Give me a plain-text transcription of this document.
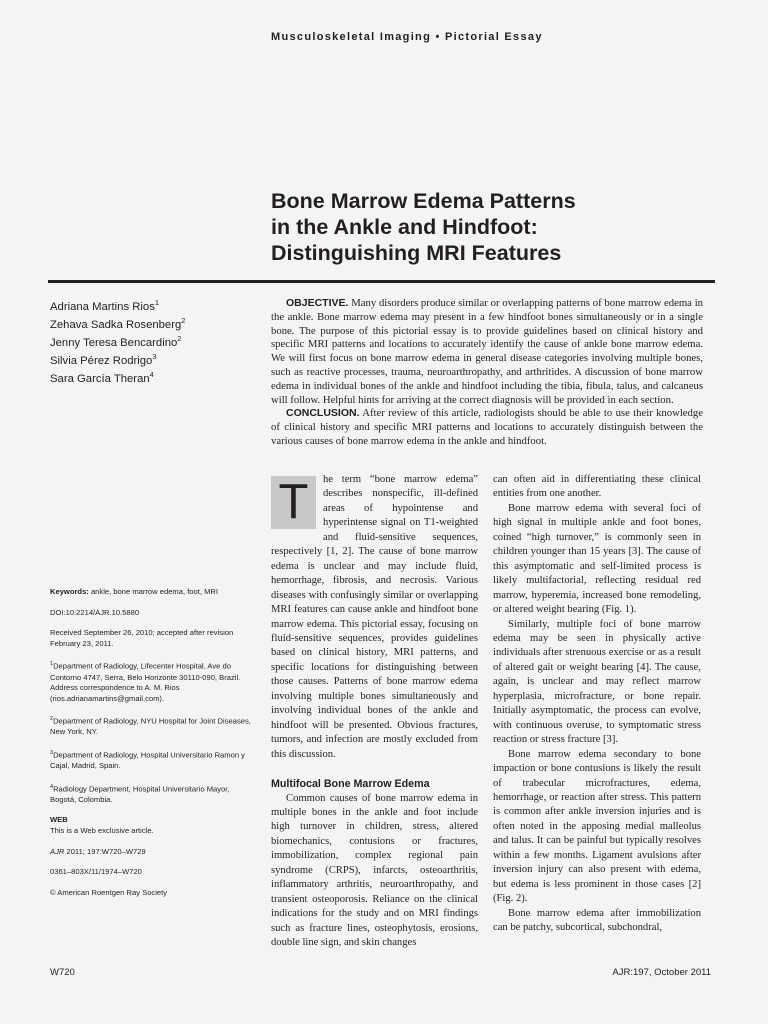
Musculoskeletal Imaging • Pictorial Essay
Bone Marrow Edema Patterns
in the Ankle and Hindfoot:
Distinguishing MRI Features
Adriana Martins Rios$^1$
Zehava Sadka Rosenberg$^2$
Jenny Teresa Bencardino$^2$
Silvia Pérez Rodrigo$^3$
Sara García Theran$^4$

OBJECTIVE. Many disorders produce similar or overlapping patterns of bone marrow edema in the ankle. Bone marrow edema may present in a few hindfoot bones simultaneously or in a single bone. The purpose of this pictorial essay is to provide guidelines based on clinical history and specific MRI patterns and locations to accurately identify the cause of ankle bone marrow edema. We will first focus on bone marrow edema in general disease categories involving multiple bones, such as reactive processes, trauma, neuroarthropathy, and arthritides. A discussion of bone marrow edema in individual bones of the ankle and hindfoot including the tibia, fibula, talus, and calcaneus will follow. Helpful hints for arriving at the correct diagnosis will be provided in each section.

CONCLUSION. After review of this article, radiologists should be able to use their knowledge of clinical history and specific MRI patterns and locations to accurately distinguish between the various causes of bone marrow edema in the ankle and hindfoot.

Keywords: ankle, bone marrow edema, foot, MRI

DOI:10.2214/AJR.10.5880

Received September 26, 2010; accepted after revision February 23, 2011.

$^1$Department of Radiology, Lifecenter Hospital, Ave do Contorno 4747, Serra, Belo Horizonte 30110-090, Brazil. Address correspondence to A. M. Rios (rios.adrianamartins@gmail.com).

$^2$Department of Radiology, NYU Hospital for Joint Diseases, New York, NY.

$^3$Department of Radiology, Hospital Universitario Ramon y Cajal, Madrid, Spain.

$^4$Radiology Department, Hospital Universitario Mayor, Bogotá, Colombia.

WEB
This is a Web exclusive article.

AJR 2011; 197:W720–W729

0361–803X/11/1974–W720

© American Roentgen Ray Society

T	he term “bone marrow edema” describes nonspecific, ill-defined areas of hypointense and hyperintense signal on T1-weighted and fluid-sensitive sequences, respectively [1, 2]. The cause of bone marrow edema is unclear and may include fluid, hemorrhage, fibrosis, and necrosis. Various diseases with confusingly similar or overlapping MRI features can cause ankle and hindfoot bone marrow edema. This pictorial essay, focusing on fluid-sensitive sequences, provides guidelines based on clinical history, MRI patterns, and specific locations for distinguishing between those causes. Patterns of bone marrow edema involving multiple bones simultaneously and involving individual bones of the ankle and hindfoot will be presented. Obvious fractures, tumors, and infection are mostly excluded from this discussion.

Multifocal Bone Marrow Edema

Common causes of bone marrow edema in multiple bones in the ankle and foot include high turnover in children, stress, altered biomechanics, contusions or fractures, immobilization, complex regional pain syndrome (CRPS), infarcts, osteoarthritis, inflammatory arthritis, neuroarthropathy, and transient osteoporosis. Reliance on the clinical indications for the study and on MRI findings such as fracture lines, osteophytosis, erosions, double line sign, and skin changes

can often aid in differentiating these clinical entities from one another.

Bone marrow edema with several foci of high signal in multiple ankle and foot bones, coined “high turnover,” is commonly seen in children younger than 15 years [3]. The cause of this asymptomatic and self-limited process is likely multifactorial, reflecting residual red marrow, hyperemia, increased bone remodeling, or altered weight bearing (Fig. 1).

Similarly, multiple foci of bone marrow edema may be seen in physically active individuals after strenuous exercise or as a result of altered gait or weight bearing [4]. The cause, again, is unclear and may reflect marrow hyperplasia, microfracture, or bone repair. Initially asymptomatic, the process can evolve, with continuous overuse, to symptomatic stress reaction or stress fracture [3].

Bone marrow edema secondary to bone impaction or bone contusions is likely the result of trabecular microfractures, edema, hemorrhage, or reaction after stress. This pattern is common after ankle inversion injuries and is often noted in the apposing medial malleolus and talus. It can be painful but typically resolves within a few months. Ligament avulsions after inversion injury can also present with edema, but edema is less prominent in those cases [2] (Fig. 2).

Bone marrow edema after immobilization can be patchy, subcortical, subchondral,

W720	AJR:197, October 2011
